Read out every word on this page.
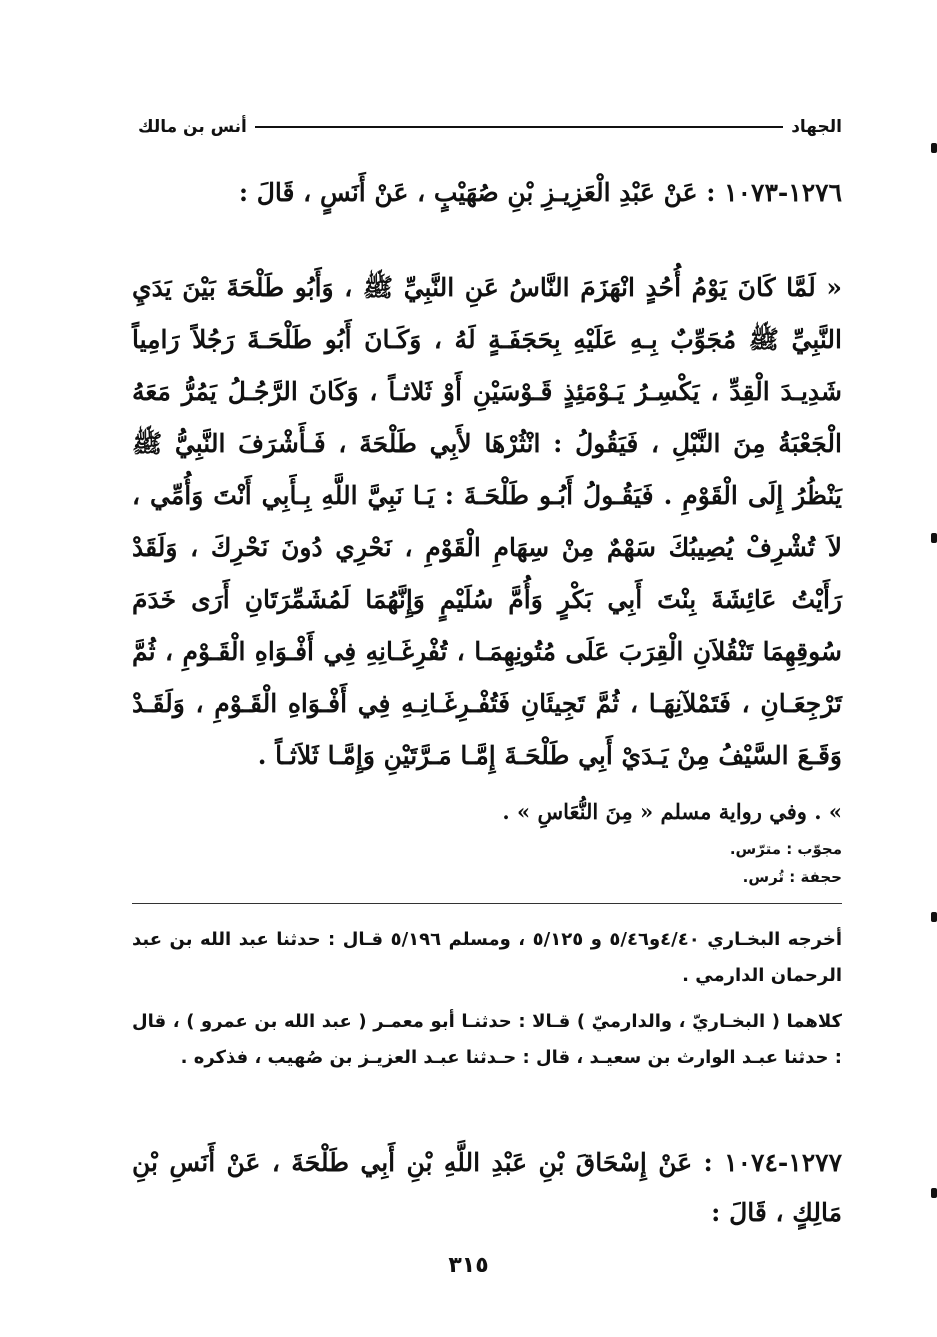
الجهاد
أنس بن مالك
١٢٧٦-١٠٧٣ : عَنْ عَبْدِ الْعَزِيـزِ بْنِ صُهَيْبٍ ، عَنْ أَنَسٍ ، قَالَ :
« لَمَّا كَانَ يَوْمُ أُحُدٍ انْهَزَمَ النَّاسُ عَنِ النَّبِيِّ ﷺ ، وَأَبُو طَلْحَةَ بَيْنَ يَدَيِ النَّبِيِّ ﷺ مُجَوِّبٌ بِـهِ عَلَيْهِ بِحَجَفَـةٍ لَهُ ، وَكَـانَ أَبُو طَلْحَـةَ رَجُلاً رَامِياً شَدِيـدَ الْقِدِّ ، يَكْسِـرُ يَـوْمَئِذٍ قَـوْسَيْنِ أَوْ ثَلاثـاً ، وَكَانَ الرَّجُـلُ يَمُرُّ مَعَهُ الْجَعْبَةُ مِنَ النَّبْلِ ، فَيَقُولُ : انْثُرْهَا لأَبِي طَلْحَةَ ، فَـأَشْرَفَ النَّبِيُّ ﷺ يَنْظُرُ إِلَى الْقَوْمِ . فَيَقُـولُ أَبُـو طَلْحَـةَ : يَـا نَبِيَّ اللَّهِ بِـأَبِي أَنْتَ وَأُمِّي ، لاَ تُشْرِفْ يُصِيبُكَ سَهْمٌ مِنْ سِهَامِ الْقَوْمِ ، نَحْرِي دُونَ نَحْرِكَ ، وَلَقَدْ رَأَيْتُ عَائِشَةَ بِنْتَ أَبِي بَكْرٍ وَأُمَّ سُلَيْمٍ وَإِنَّهُمَا لَمُشَمِّرَتَانِ أَرَى خَدَمَ سُوقِهِمَا تَنْقُلاَنِ الْقِرَبَ عَلَى مُتُونِهِمَـا ، تُفْرِغَـانِهِ فِي أَفْـوَاهِ الْقَـوْمِ ، ثُمَّ تَرْجِعَـانِ ، فَتَمْلآنِهَـا ، ثُمَّ تَجِيئَانِ فَتُفْـرِغَـانِـهِ فِي أَفْـوَاهِ الْقَـوْمِ ، وَلَقَـدْ وَقَـعَ السَّيْفُ مِنْ يَـدَيْ أَبِي طَلْحَـةَ إِمَّـا مَـرَّتَيْنِ وَإِمَّـا ثَلاَثـاً .
» . وفي رواية مسلم « مِنَ النُّعَاسِ » .
مجوّب : مترّس.
حجفة : تُرس.
أخرجه البخـاري ٤/٤٠و٥/٤٦ و ٥/١٢٥ ، ومسلم ٥/١٩٦ قـال : حدثنا عبد الله بن عبد الرحمان الدارمي .
كلاهما ( البخـاريّ ، والدارميّ ) قـالا : حدثنـا أبو معمـر ( عبد الله بن عمرو ) ، قال : حدثنا عبـد الوارث بن سعيـد ، قال : حـدثنا عبـد العزيـز بن صُهيب ، فذكره .
١٢٧٧-١٠٧٤ : عَنْ إِسْحَاقَ بْنِ عَبْدِ اللَّهِ بْنِ أَبِي طَلْحَةَ ، عَنْ أَنَسِ بْنِ مَالِكٍ ، قَالَ :
٣١٥
